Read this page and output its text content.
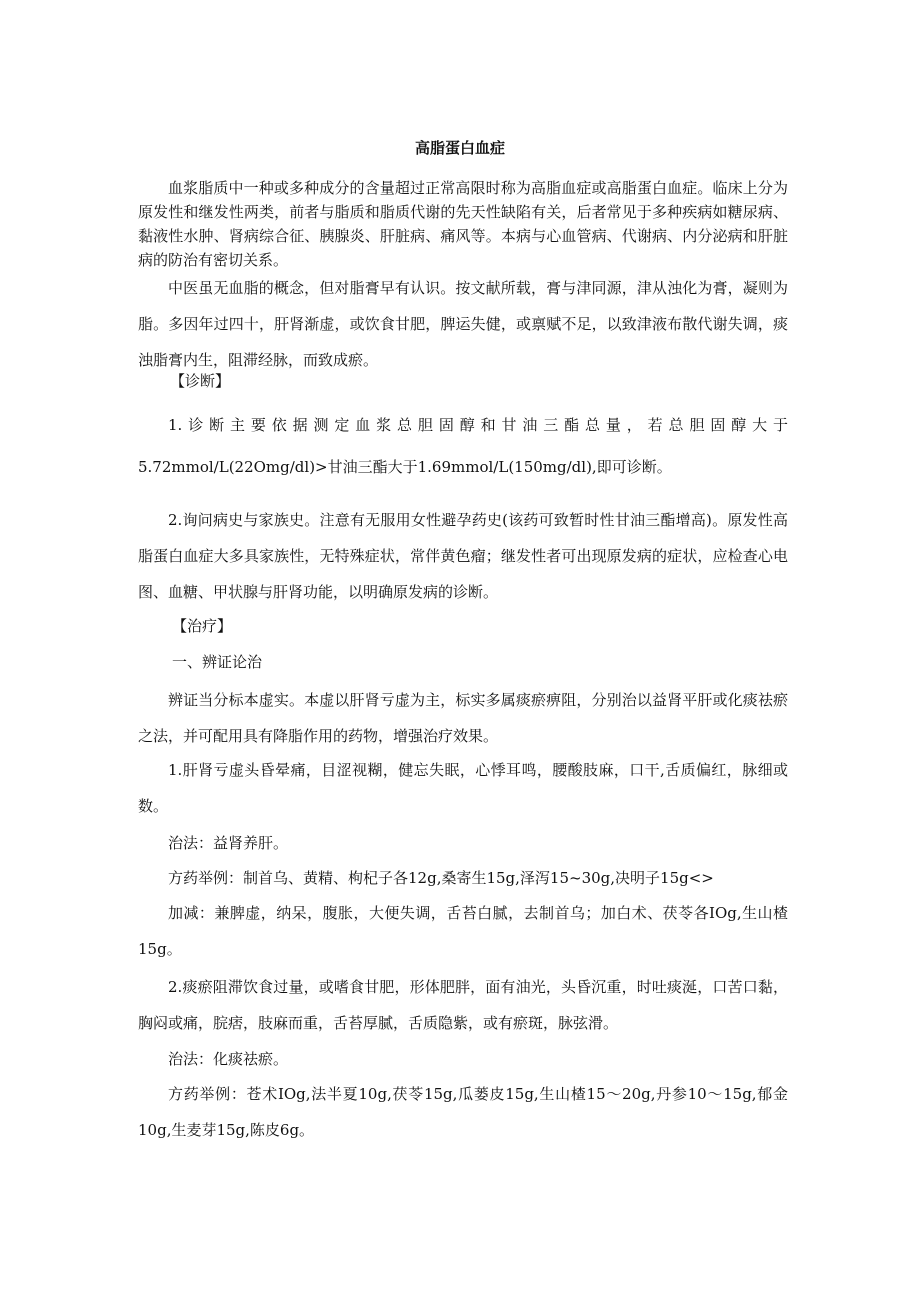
高脂蛋白血症

血浆脂质中一种或多种成分的含量超过正常高限时称为高脂血症或高脂蛋白血症。临床上分为原发性和继发性两类，前者与脂质和脂质代谢的先天性缺陷有关，后者常见于多种疾病如糖尿病、黏液性水肿、肾病综合征、胰腺炎、肝脏病、痛风等。本病与心血管病、代谢病、内分泌病和肝脏病的防治有密切关系。

中医虽无血脂的概念，但对脂膏早有认识。按文献所载，膏与津同源，津从浊化为膏，凝则为脂。多因年过四十，肝肾渐虚，或饮食甘肥，脾运失健，或禀赋不足，以致津液布散代谢失调，痰浊脂膏内生，阻滞经脉，而致成瘀。

【诊断】

1.诊断主要依据测定血浆总胆固醇和甘油三酯总量，若总胆固醇大于5.72mmol∕L(22Omg∕dl)>甘油三酯大于1.69mmol∕L(150mg∕dl),即可诊断。

2.询问病史与家族史。注意有无服用女性避孕药史(该药可致暂时性甘油三酯增高)。原发性高脂蛋白血症大多具家族性，无特殊症状，常伴黄色瘤；继发性者可出现原发病的症状，应检查心电图、血糖、甲状腺与肝肾功能，以明确原发病的诊断。

【治疗】
一、辨证论治

辨证当分标本虚实。本虚以肝肾亏虚为主，标实多属痰瘀痹阻，分别治以益肾平肝或化痰祛瘀之法，并可配用具有降脂作用的药物，增强治疗效果。

1.肝肾亏虚头昏晕痛，目涩视糊，健忘失眠，心悸耳鸣，腰酸肢麻，口干,舌质偏红，脉细或数。

治法：益肾养肝。

方药举例：制首乌、黄精、枸杞子各12g,桑寄生15g,泽泻15~30g,决明子15g<>

加减：兼脾虚，纳呆，腹胀，大便失调，舌苔白腻，去制首乌；加白术、茯苓各IOg,生山楂15g。

2.痰瘀阻滞饮食过量，或嗜食甘肥，形体肥胖，面有油光，头昏沉重，时吐痰涎，口苦口黏，胸闷或痛，脘痞，肢麻而重，舌苔厚腻，舌质隐紫，或有瘀斑，脉弦滑。

治法：化痰祛瘀。

方药举例：苍术IOg,法半夏10g,茯苓15g,瓜蒌皮15g,生山楂15～20g,丹参10～15g,郁金10g,生麦芽15g,陈皮6g。
